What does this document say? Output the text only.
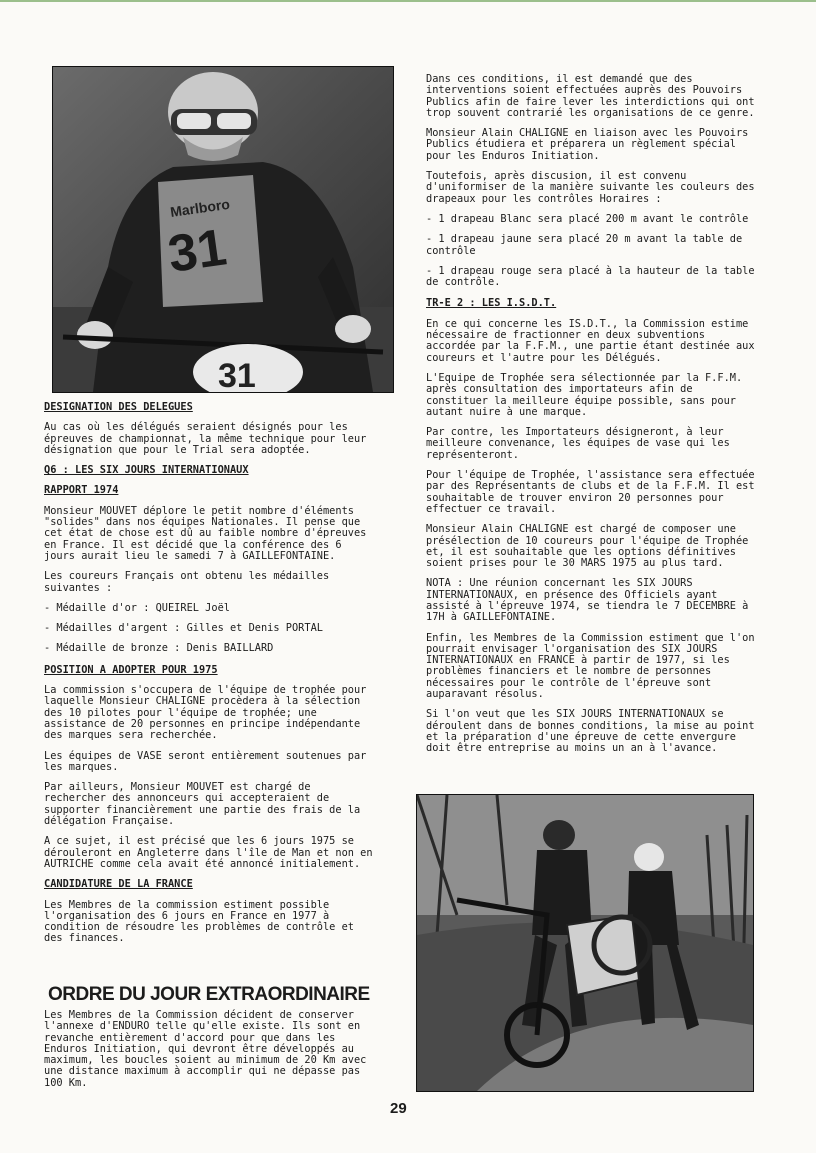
Marlboro
31
31

DESIGNATION DES DELEGUES

Au cas où les délégués seraient désignés pour les épreuves de championnat, la même technique pour leur désignation que pour le Trial sera adoptée.

Q6 : LES SIX JOURS INTERNATIONAUX

RAPPORT 1974

Monsieur MOUVET déplore le petit nombre d'éléments "solides" dans nos équipes Nationales. Il pense que cet état de chose est dû au faible nombre d'épreuves en France. Il est décidé que la conférence des 6 jours aurait lieu le samedi 7 à GAILLEFONTAINE.

Les coureurs Français ont obtenu les médailles suivantes :

- Médaille d'or : QUEIREL Joël

- Médailles d'argent : Gilles et Denis PORTAL

- Médaille de bronze : Denis BAILLARD

POSITION A ADOPTER POUR 1975

La commission s'occupera de l'équipe de trophée pour laquelle Monsieur CHALIGNE procèdera à la sélection des 10 pilotes pour l'équipe de trophée; une assistance de 20 personnes en principe indépendante des marques sera recherchée.

Les équipes de VASE seront entièrement soutenues par les marques.

Par ailleurs, Monsieur MOUVET est chargé de rechercher des annonceurs qui accepteraient de supporter financièrement une partie des frais de la délégation Française.

A ce sujet, il est précisé que les 6 jours 1975 se dérouleront en Angleterre dans l'île de Man et non en AUTRICHE comme cela avait été annoncé initialement.

CANDIDATURE DE LA FRANCE

Les Membres de la commission estiment possible l'organisation des 6 jours en France en 1977 à condition de résoudre les problèmes de contrôle et des finances.

ORDRE DU JOUR EXTRAORDINAIRE

Les Membres de la Commission décident de conserver l'annexe d'ENDURO telle qu'elle existe. Ils sont en revanche entièrement d'accord pour que dans les Enduros Initiation, qui devront être développés au maximum, les boucles soient au minimum de 20 Km avec une distance maximum à accomplir qui ne dépasse pas 100 Km.

Dans ces conditions, il est demandé que des interventions soient effectuées auprès des Pouvoirs Publics afin de faire lever les interdictions qui ont trop souvent contrarié les organisations de ce genre.

Monsieur Alain CHALIGNE en liaison avec les Pouvoirs Publics étudiera et préparera un règlement spécial pour les Enduros Initiation.

Toutefois, après discusion, il est convenu d'uniformiser de la manière suivante les couleurs des drapeaux pour les contrôles Horaires :

- 1 drapeau Blanc sera placé 200 m avant le contrôle

- 1 drapeau jaune sera placé 20 m avant la table de contrôle

- 1 drapeau rouge sera placé à la hauteur de la table de contrôle.

TR-E 2 : LES I.S.D.T.

En ce qui concerne les IS.D.T., la Commission estime nécessaire de fractionner en deux subventions accordée par la F.F.M., une partie étant destinée aux coureurs et l'autre pour les Délégués.

L'Equipe de Trophée sera sélectionnée par la F.F.M. après consultation des importateurs afin de constituer la meilleure équipe possible, sans pour autant nuire à une marque.

Par contre, les Importateurs désigneront, à leur meilleure convenance, les équipes de vase qui les représenteront.

Pour l'équipe de Trophée, l'assistance sera effectuée par des Représentants de clubs et de la F.F.M. Il est souhaitable de trouver environ 20 personnes pour effectuer ce travail.

Monsieur Alain CHALIGNE est chargé de composer une présélection de 10 coureurs pour l'équipe de Trophée et, il est souhaitable que les options définitives soient prises pour le 30 MARS 1975 au plus tard.

NOTA : Une réunion concernant les SIX JOURS INTERNATIONAUX, en présence des Officiels ayant assisté à l'épreuve 1974, se tiendra le 7 DECEMBRE à 17H à GAILLEFONTAINE.

Enfin, les Membres de la Commission estiment que l'on pourrait envisager l'organisation des SIX JOURS INTERNATIONAUX en FRANCE à partir de 1977, si les problèmes financiers et le nombre de personnes nécessaires pour le contrôle de l'épreuve sont auparavant résolus.

Si l'on veut que les SIX JOURS INTERNATIONAUX se déroulent dans de bonnes conditions, la mise au point et la préparation d'une épreuve de cette envergure doit être entreprise au moins un an à l'avance.

29
